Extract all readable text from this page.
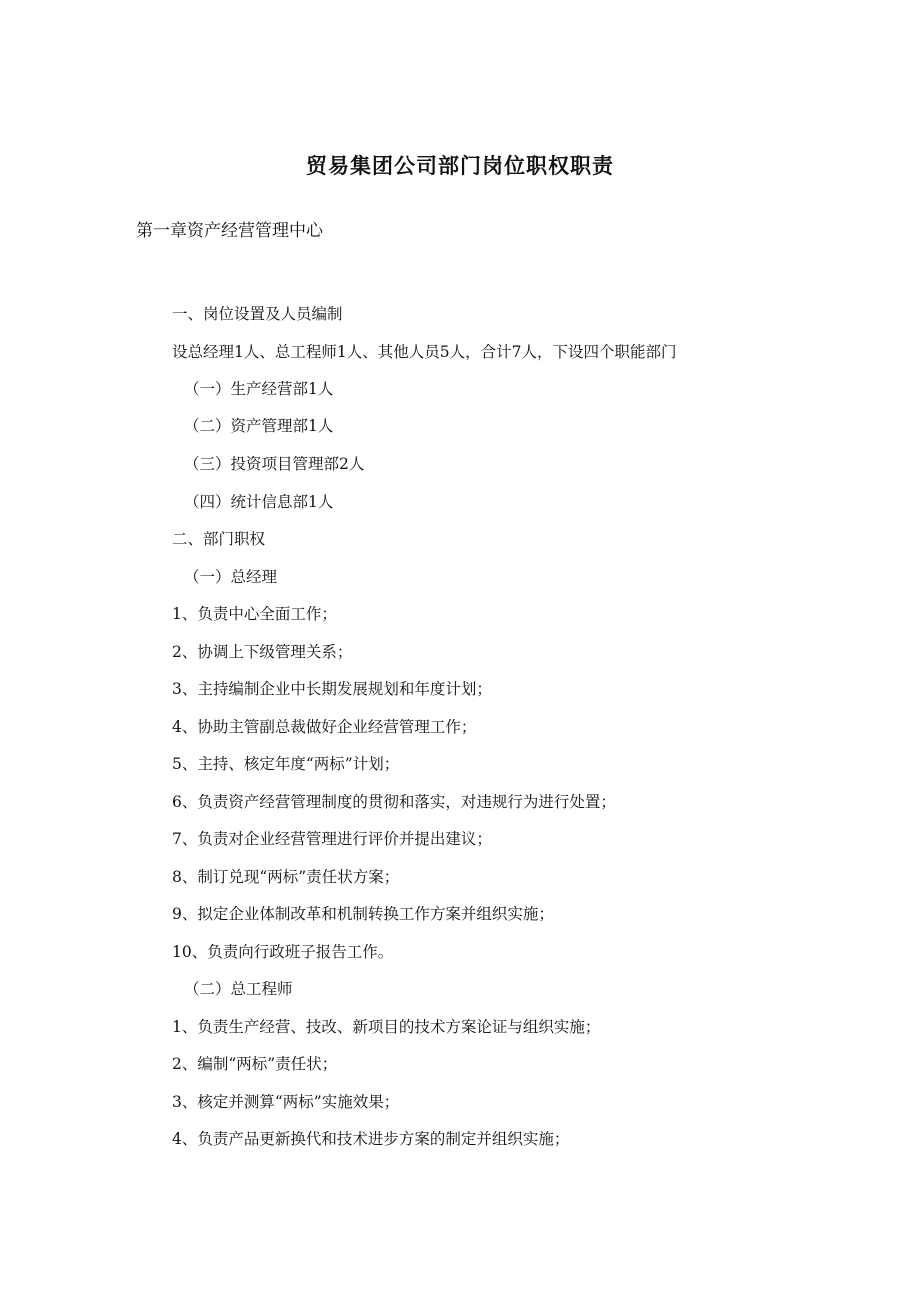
贸易集团公司部门岗位职权职责
第一章资产经营管理中心
一、岗位设置及人员编制
设总经理1人、总工程师1人、其他人员5人，合计7人，下设四个职能部门
（一）生产经营部1人
（二）资产管理部1人
（三）投资项目管理部2人
（四）统计信息部1人
二、部门职权
（一）总经理
1、负责中心全面工作；
2、协调上下级管理关系；
3、主持编制企业中长期发展规划和年度计划；
4、协助主管副总裁做好企业经营管理工作；
5、主持、核定年度“两标”计划；
6、负责资产经营管理制度的贯彻和落实，对违规行为进行处置；
7、负责对企业经营管理进行评价并提出建议；
8、制订兑现“两标”责任状方案；
9、拟定企业体制改革和机制转换工作方案并组织实施；
10、负责向行政班子报告工作。
（二）总工程师
1、负责生产经营、技改、新项目的技术方案论证与组织实施；
2、编制“两标”责任状；
3、核定并测算“两标”实施效果；
4、负责产品更新换代和技术进步方案的制定并组织实施；
